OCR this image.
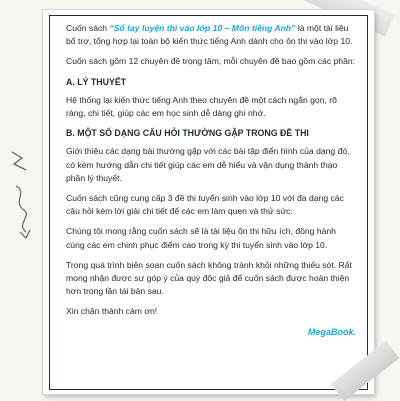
Cuốn sách “Sổ tay luyện thi vào lớp 10 – Môn tiếng Anh” là một tài liệu bổ trợ, tổng hợp lại toàn bộ kiến thức tiếng Anh dành cho ôn thi vào lớp 10.

Cuốn sách gồm 12 chuyên đề trọng tâm, mỗi chuyên đề bao gồm các phần:

A. LÝ THUYẾT

Hệ thống lại kiến thức tiếng Anh theo chuyên đề một cách ngắn gọn, rõ ràng, chi tiết, giúp các em học sinh dễ dàng ghi nhớ.

B. MỘT SỐ DẠNG CÂU HỎI THƯỜNG GẶP TRONG ĐỀ THI

Giới thiệu các dạng bài thường gặp với các bài tập điển hình của dạng đó, có kèm hướng dẫn chi tiết giúp các em dễ hiểu và vận dụng thành thạo phần lý thuyết.

Cuốn sách cũng cung cấp 3 đề thi tuyển sinh vào lớp 10 với đa dạng các câu hỏi kèm lời giải chi tiết để các em làm quen và thử sức.

Chúng tôi mong rằng cuốn sách sẽ là tài liệu ôn thi hữu ích, đồng hành cùng các em chinh phục điểm cao trong kỳ thi tuyển sinh vào lớp 10.

Trong quá trình biên soạn cuốn sách không tránh khỏi những thiếu sót. Rất mong nhận được sự góp ý của quý độc giả để cuốn sách được hoàn thiện hơn trong lần tái bản sau.

Xin chân thành cảm ơn!

MegaBook.
